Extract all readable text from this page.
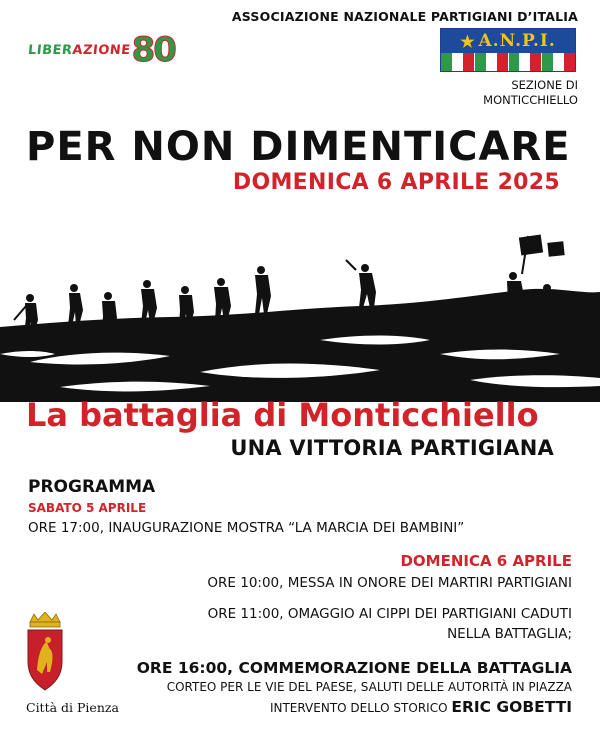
LIBERAZIONE 80
ASSOCIAZIONE NAZIONALE PARTIGIANI D’ITALIA
★ A.N.P.I.
SEZIONE DI
MONTICCHIELLO
PER NON DIMENTICARE
DOMENICA 6 APRILE 2025
La battaglia di Monticchiello
UNA VITTORIA PARTIGIANA
PROGRAMMA
SABATO 5 APRILE
ORE 17:00, INAUGURAZIONE MOSTRA “LA MARCIA DEI BAMBINI”
DOMENICA 6 APRILE
ORE 10:00, MESSA IN ONORE DEI MARTIRI PARTIGIANI
ORE 11:00, OMAGGIO AI CIPPI DEI PARTIGIANI CADUTI
NELLA BATTAGLIA;
ORE 16:00, COMMEMORAZIONE DELLA BATTAGLIA
CORTEO PER LE VIE DEL PAESE, SALUTI DELLE AUTORITÀ IN PIAZZA
INTERVENTO DELLO STORICO ERIC GOBETTI
Città di Pienza
